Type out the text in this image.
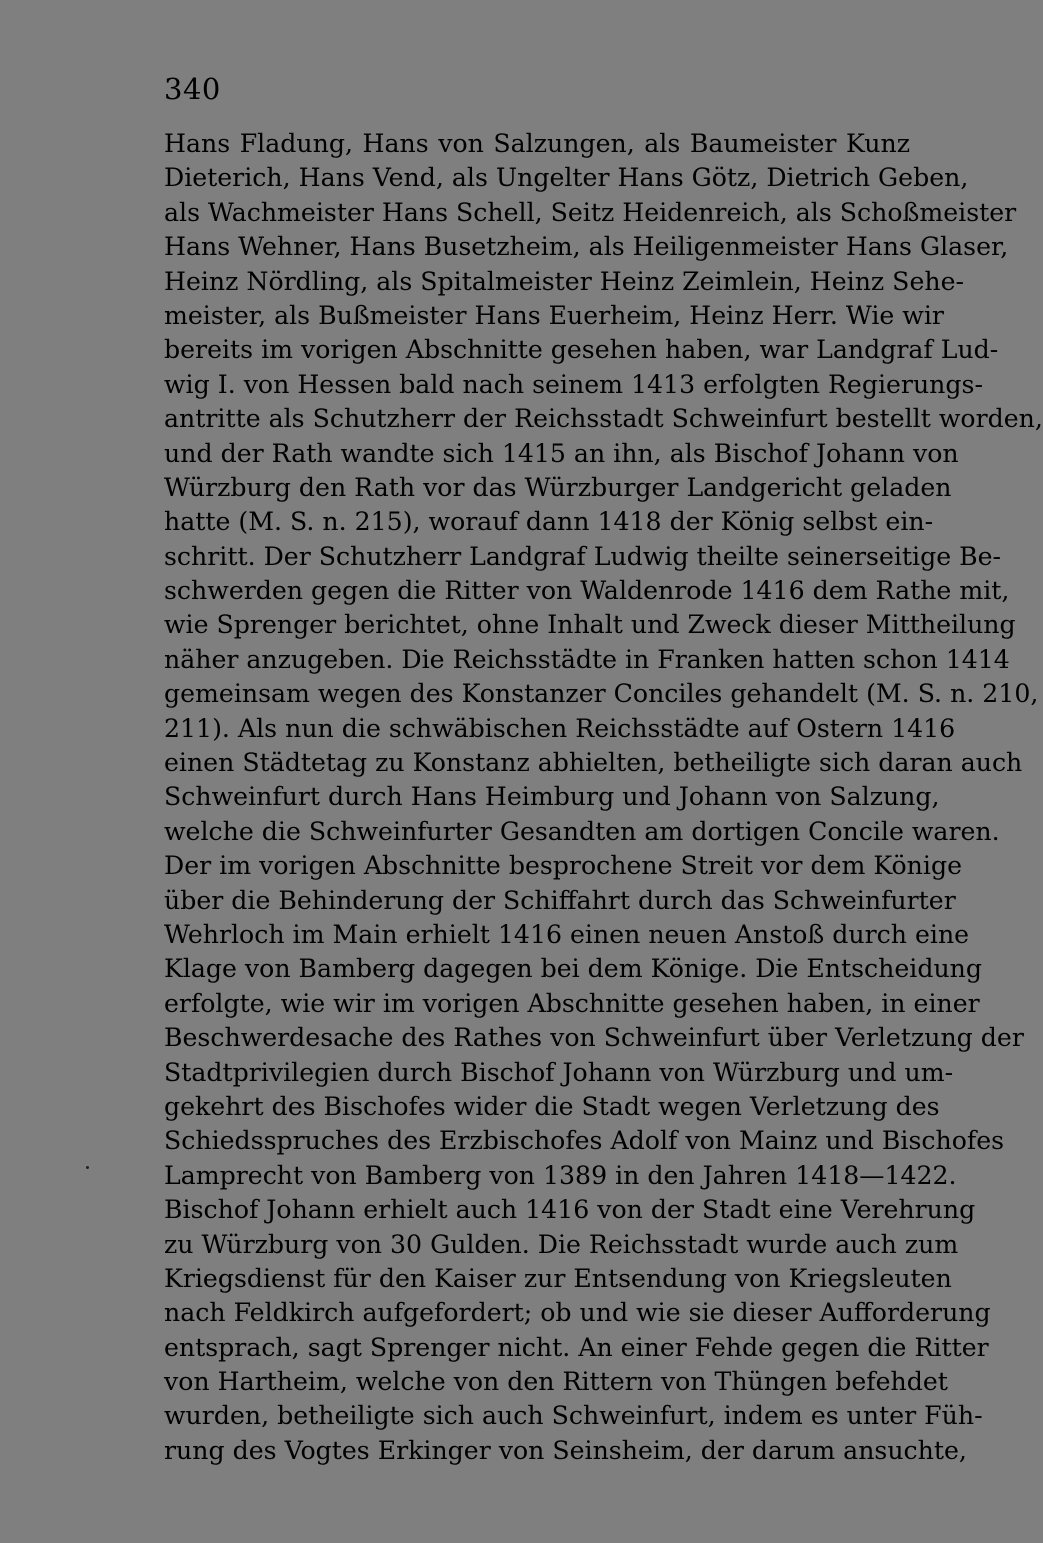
340
Hans Fladung, Hans von Salzungen, als Baumeister Kunz
Dieterich, Hans Vend, als Ungelter Hans Götz, Dietrich Geben,
als Wachmeister Hans Schell, Seitz Heidenreich, als Schoßmeister
Hans Wehner, Hans Busetzheim, als Heiligenmeister Hans Glaser,
Heinz Nördling, als Spitalmeister Heinz Zeimlein, Heinz Sehe-
meister, als Bußmeister Hans Euerheim, Heinz Herr. Wie wir
bereits im vorigen Abschnitte gesehen haben, war Landgraf Lud-
wig I. von Hessen bald nach seinem 1413 erfolgten Regierungs-
antritte als Schutzherr der Reichsstadt Schweinfurt bestellt worden,
und der Rath wandte sich 1415 an ihn, als Bischof Johann von
Würzburg den Rath vor das Würzburger Landgericht geladen
hatte (M. S. n. 215), worauf dann 1418 der König selbst ein-
schritt. Der Schutzherr Landgraf Ludwig theilte seinerseitige Be-
schwerden gegen die Ritter von Waldenrode 1416 dem Rathe mit,
wie Sprenger berichtet, ohne Inhalt und Zweck dieser Mittheilung
näher anzugeben. Die Reichsstädte in Franken hatten schon 1414
gemeinsam wegen des Konstanzer Conciles gehandelt (M. S. n. 210,
211). Als nun die schwäbischen Reichsstädte auf Ostern 1416
einen Städtetag zu Konstanz abhielten, betheiligte sich daran auch
Schweinfurt durch Hans Heimburg und Johann von Salzung,
welche die Schweinfurter Gesandten am dortigen Concile waren.
Der im vorigen Abschnitte besprochene Streit vor dem Könige
über die Behinderung der Schiffahrt durch das Schweinfurter
Wehrloch im Main erhielt 1416 einen neuen Anstoß durch eine
Klage von Bamberg dagegen bei dem Könige. Die Entscheidung
erfolgte, wie wir im vorigen Abschnitte gesehen haben, in einer
Beschwerdesache des Rathes von Schweinfurt über Verletzung der
Stadtprivilegien durch Bischof Johann von Würzburg und um-
gekehrt des Bischofes wider die Stadt wegen Verletzung des
Schiedsspruches des Erzbischofes Adolf von Mainz und Bischofes
Lamprecht von Bamberg von 1389 in den Jahren 1418—1422.
Bischof Johann erhielt auch 1416 von der Stadt eine Verehrung
zu Würzburg von 30 Gulden. Die Reichsstadt wurde auch zum
Kriegsdienst für den Kaiser zur Entsendung von Kriegsleuten
nach Feldkirch aufgefordert; ob und wie sie dieser Aufforderung
entsprach, sagt Sprenger nicht. An einer Fehde gegen die Ritter
von Hartheim, welche von den Rittern von Thüngen befehdet
wurden, betheiligte sich auch Schweinfurt, indem es unter Füh-
rung des Vogtes Erkinger von Seinsheim, der darum ansuchte,
